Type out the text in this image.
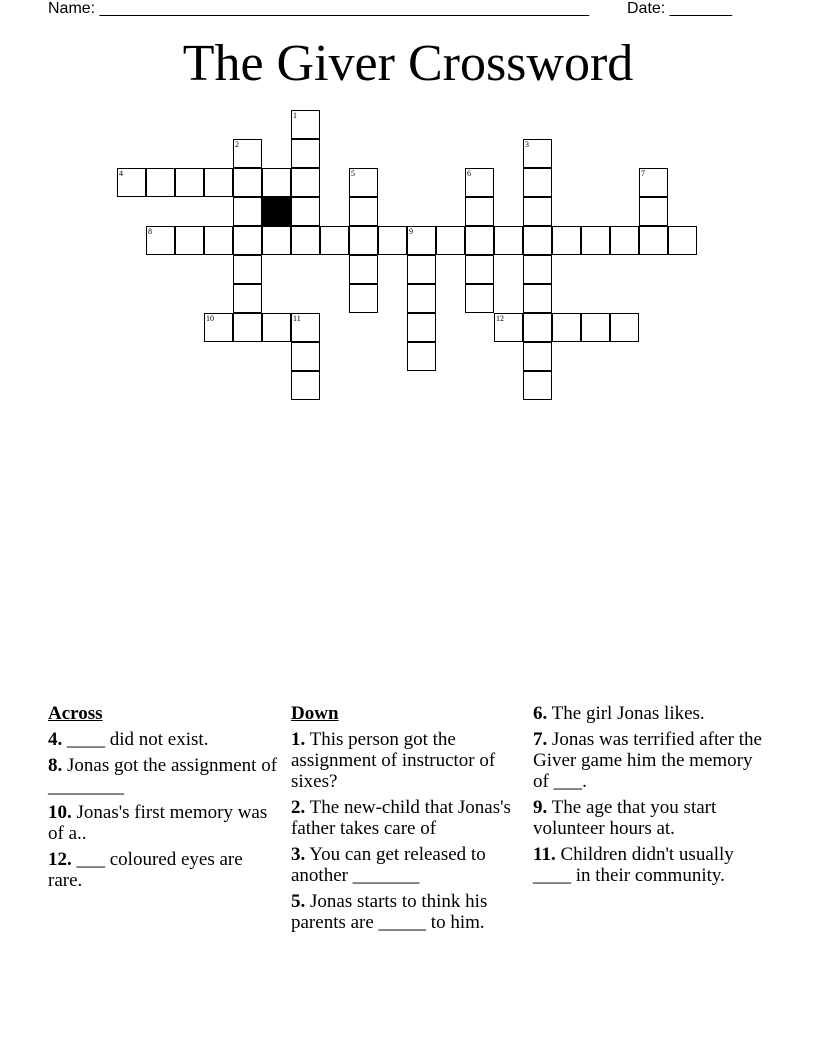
Name: _______________________________________________________ Date: _______
The Giver Crossword
1
2	3
4	5	6	7
8	9
10	11	12
Across
4. ____ did not exist.
8. Jonas got the assignment of ________
10. Jonas's first memory was of a..
12. ___ coloured eyes are rare.
Down
1. This person got the assignment of instructor of sixes?
2. The new-child that Jonas's father takes care of
3. You can get released to another _______
5. Jonas starts to think his parents are _____ to him.
6. The girl Jonas likes.
7. Jonas was terrified after the Giver game him the memory of ___.
9. The age that you start volunteer hours at.
11. Children didn't usually ____ in their community.
